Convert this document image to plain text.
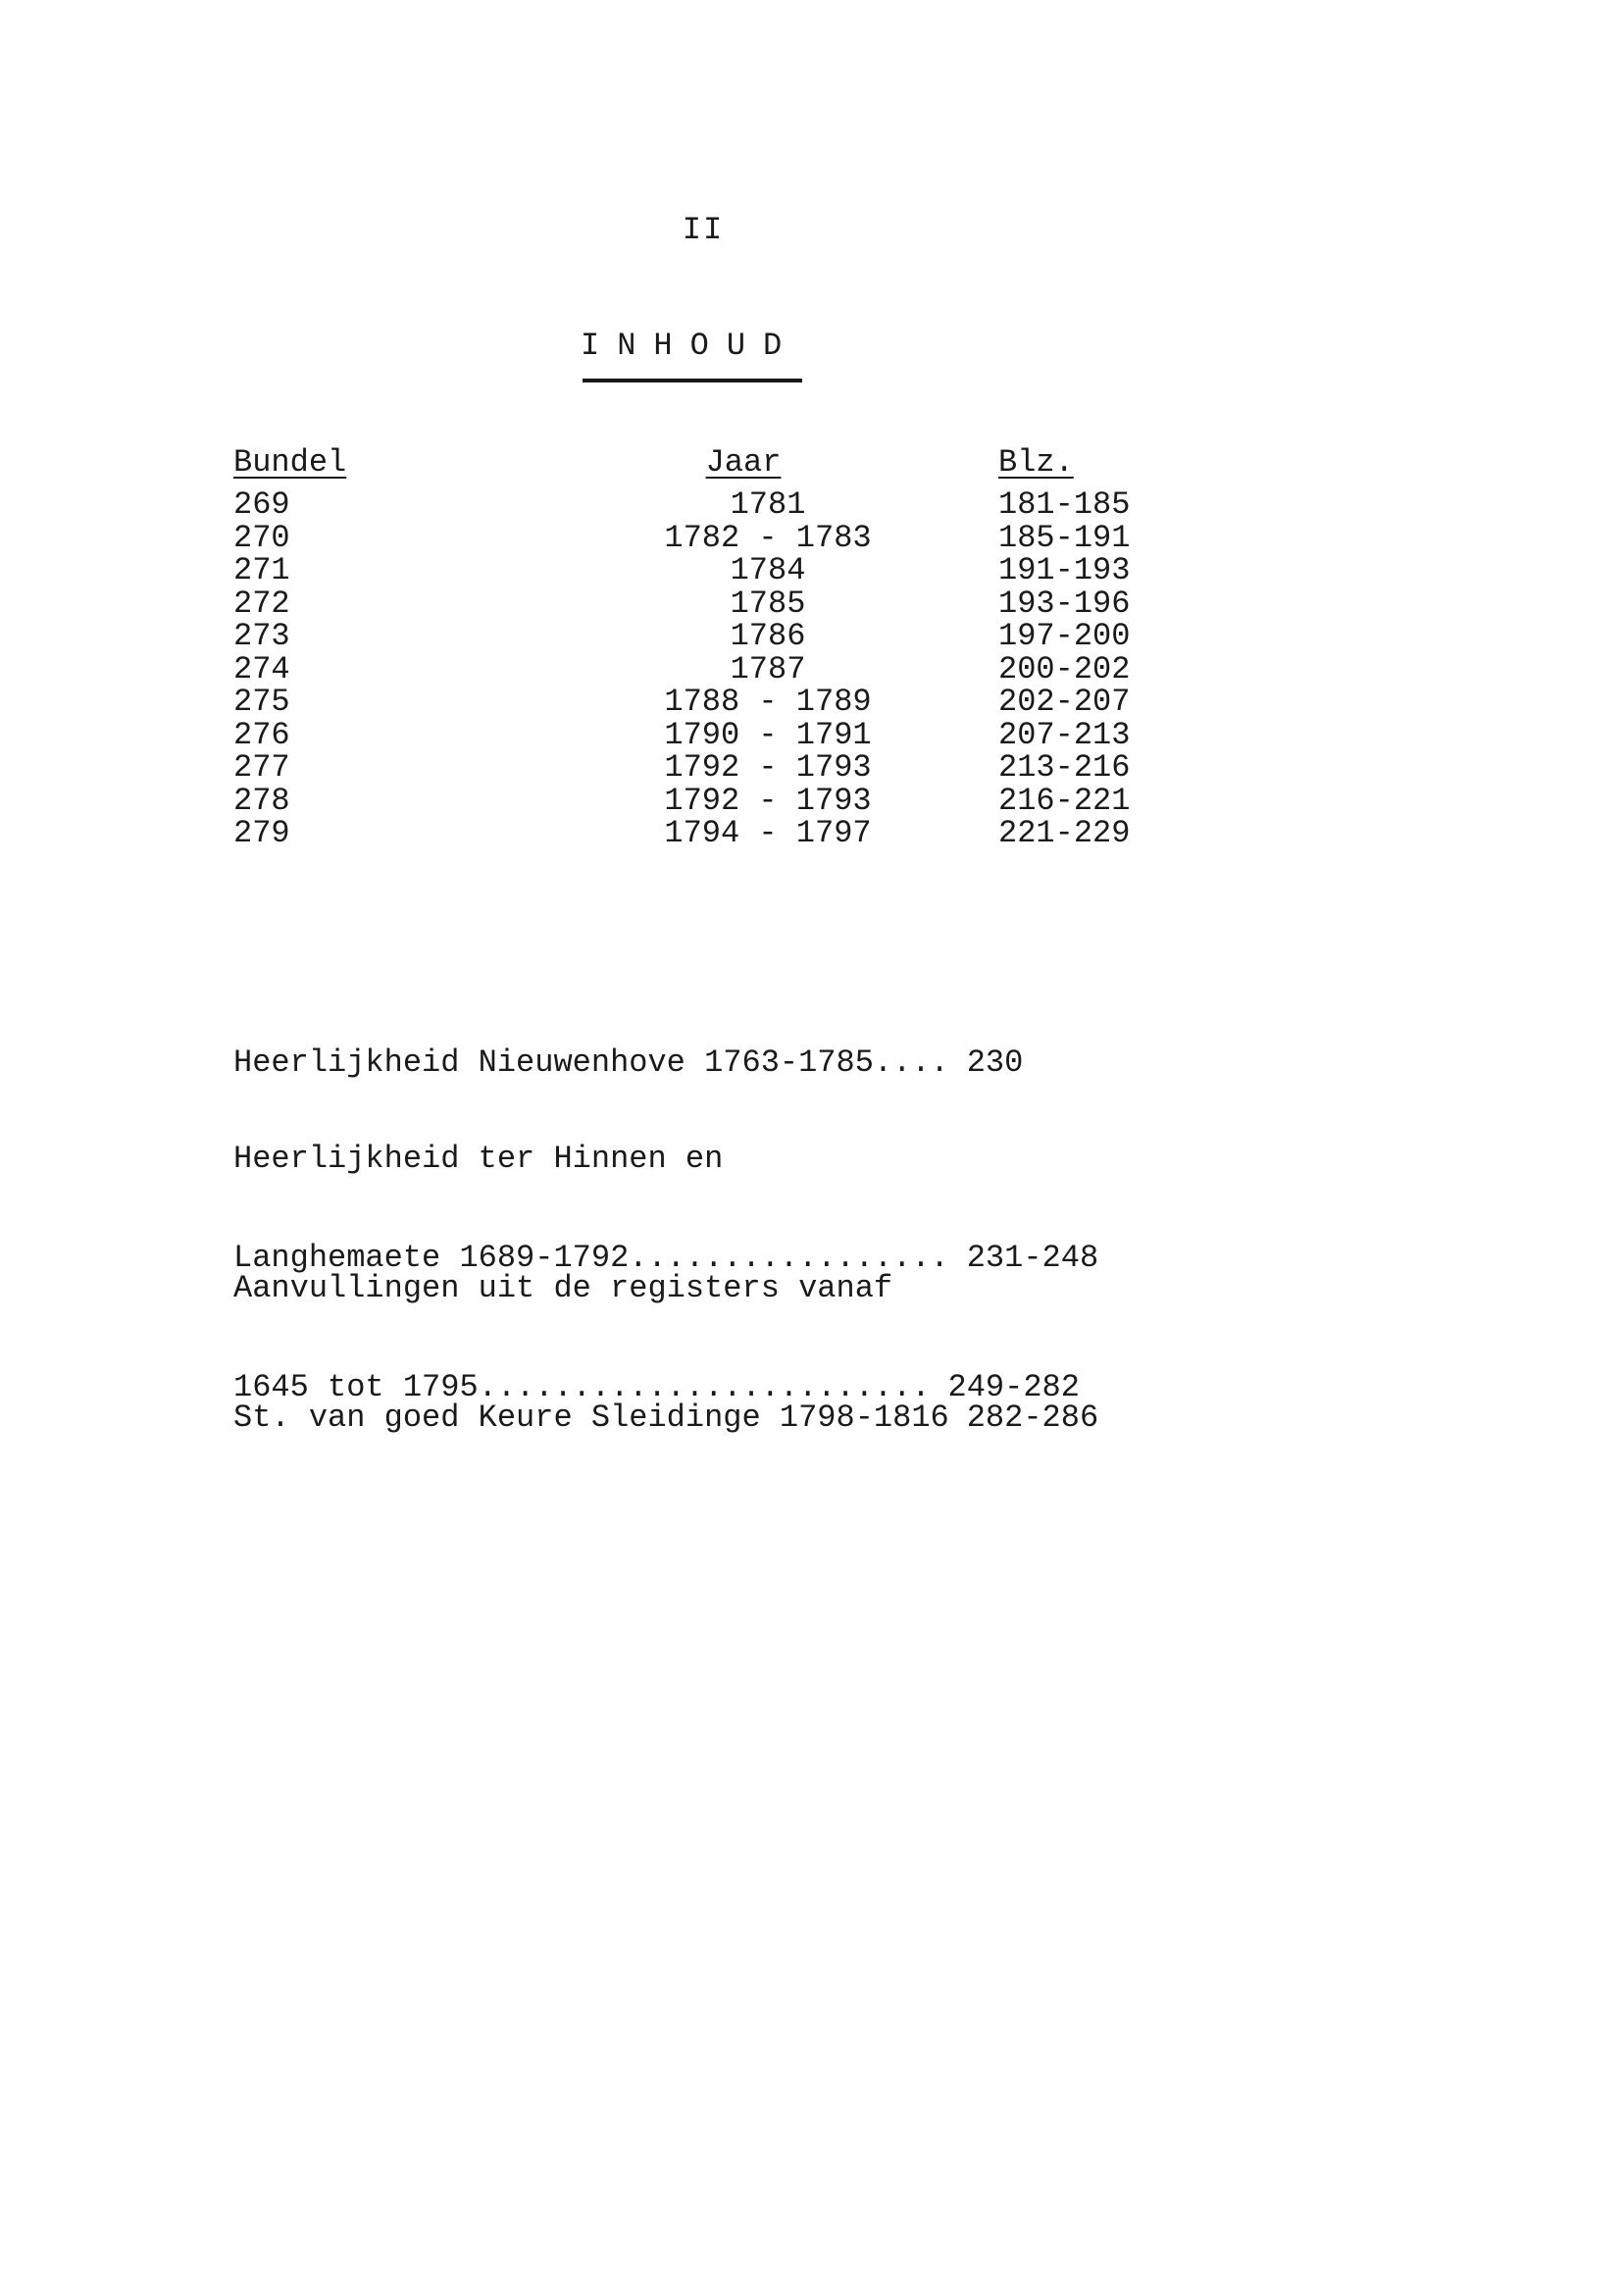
II
INHOUD
Bundel	Jaar	Blz.
269	1781	181-185
270	1782 - 1783	185-191
271	1784	191-193
272	1785	193-196
273	1786	197-200
274	1787	200-202
275	1788 - 1789	202-207
276	1790 - 1791	207-213
277	1792 - 1793	213-216
278	1792 - 1793	216-221
279	1794 - 1797	221-229

Heerlijkheid Nieuwenhove 1763-1785.... 230

Heerlijkheid ter Hinnen en

Langhemaete 1689-1792................. 231-248

Aanvullingen uit de registers vanaf

1645 tot 1795........................ 249-282

St. van goed Keure Sleidinge 1798-1816 282-286
